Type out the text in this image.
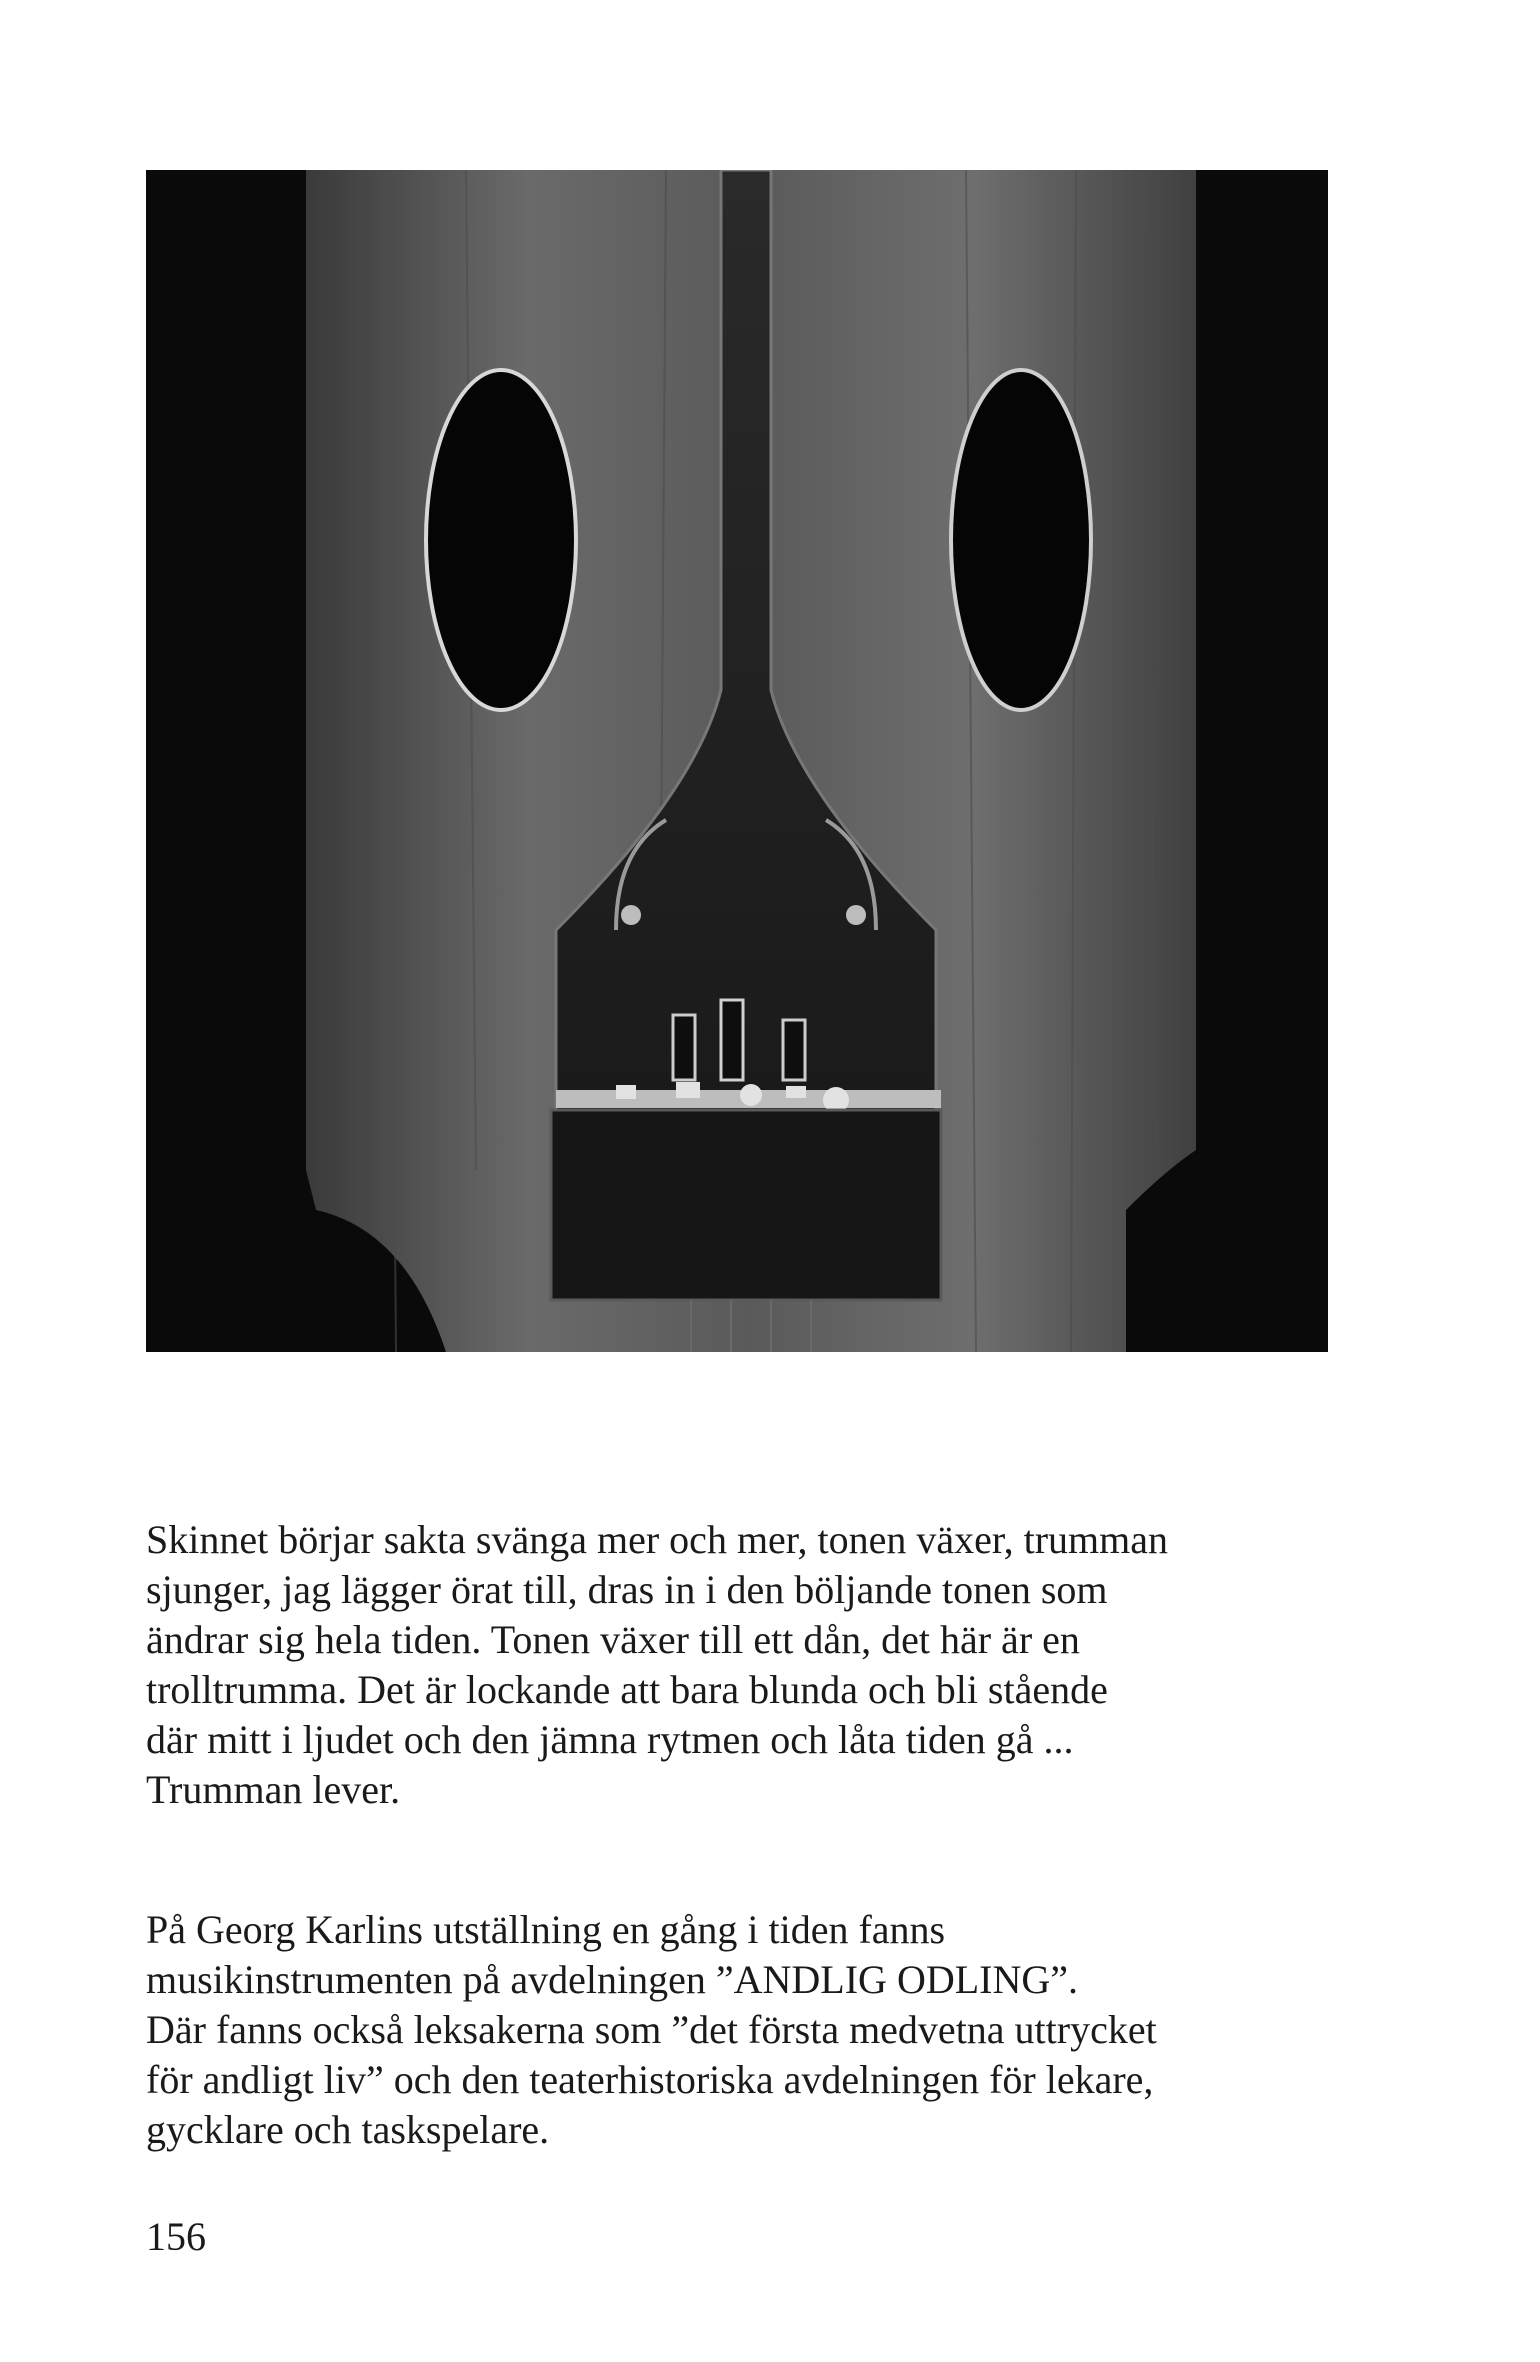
Skinnet börjar sakta svänga mer och mer, tonen växer, trumman
sjunger, jag lägger örat till, dras in i den böljande tonen som
ändrar sig hela tiden. Tonen växer till ett dån, det här är en
trolltrumma. Det är lockande att bara blunda och bli stående
där mitt i ljudet och den jämna rytmen och låta tiden gå ...
Trumman lever.
På Georg Karlins utställning en gång i tiden fanns
musikinstrumenten på avdelningen ”ANDLIG ODLING”.
Där fanns också leksakerna som ”det första medvetna uttrycket
för andligt liv” och den teaterhistoriska avdelningen för lekare,
gycklare och taskspelare.
156
